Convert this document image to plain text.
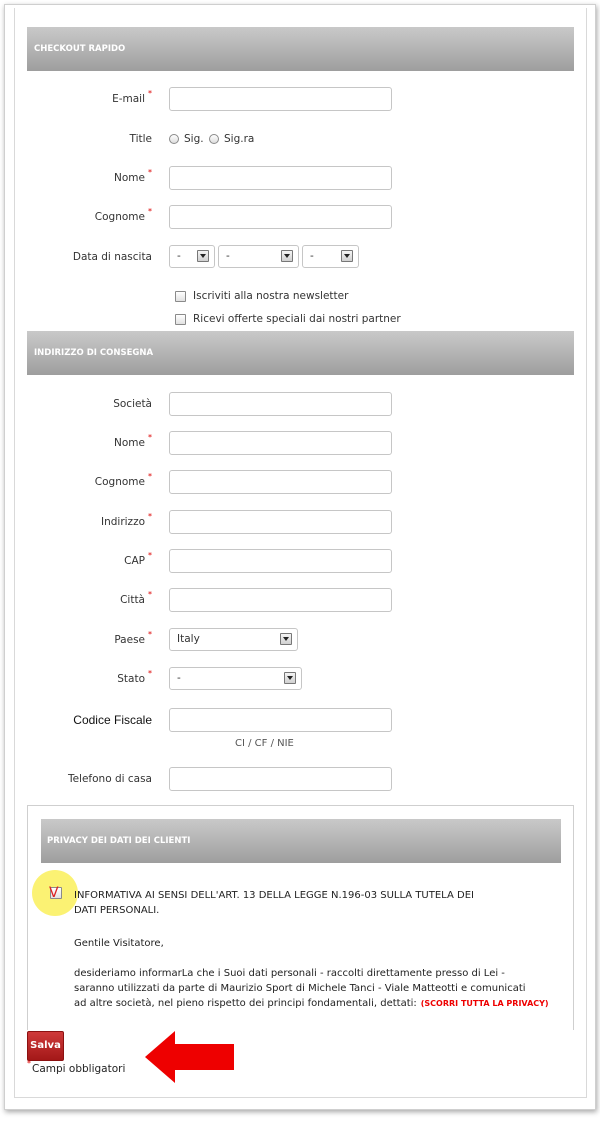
CHECKOUT RAPIDO
E-mail *
Title	Sig. Sig.ra
Nome *
Cognome *
Data di nascita	-	-	-
Iscriviti alla nostra newsletter
Ricevi offerte speciali dai nostri partner
INDIRIZZO DI CONSEGNA
Società
Nome *
Cognome *
Indirizzo *
CAP *
Città *
Paese *	Italy
Stato *	-
Codice Fiscale
CI / CF / NIE
Telefono di casa
PRIVACY DEI DATI DEI CLIENTI
V INFORMATIVA AI SENSI DELL'ART. 13 DELLA LEGGE N.196-03 SULLA TUTELA DEI DATI PERSONALI.
Gentile Visitatore,
desideriamo informarLa che i Suoi dati personali - raccolti direttamente presso di Lei -
saranno utilizzati da parte di Maurizio Sport di Michele Tanci - Viale Matteotti e comunicati
ad altre società, nel pieno rispetto dei principi fondamentali, dettati: (SCORRI TUTTA LA PRIVACY)
Salva
*Campi obbligatori
